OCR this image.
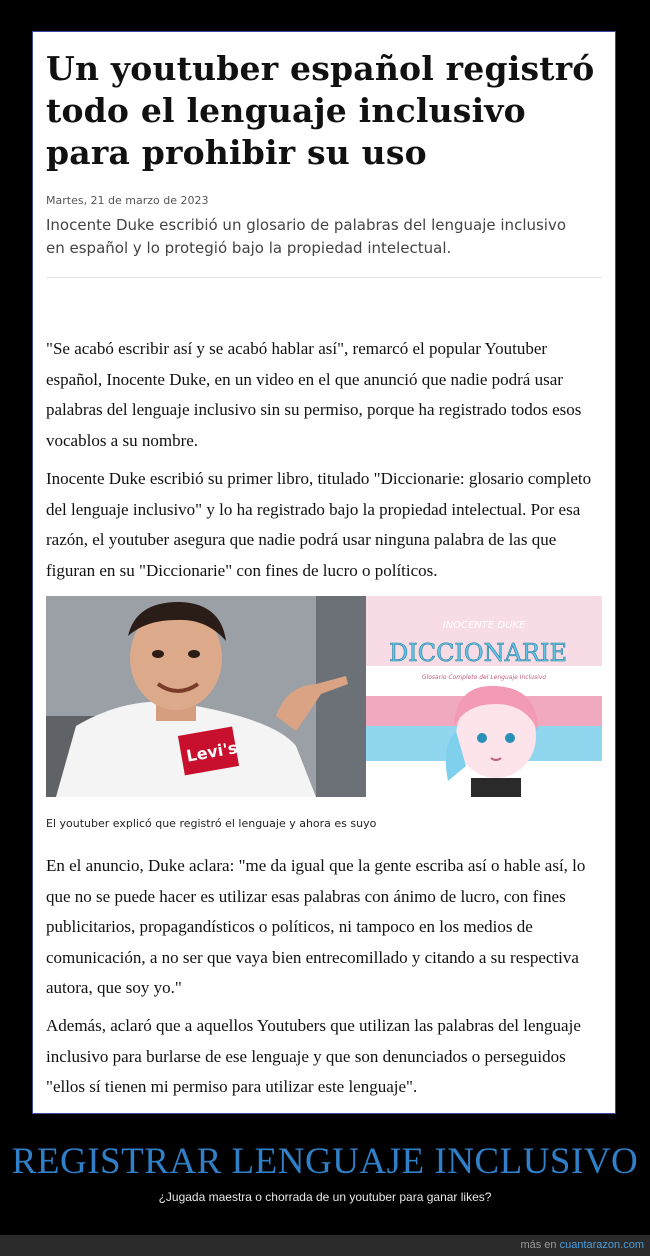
Un youtuber español registró todo el lenguaje inclusivo para prohibir su uso
Martes, 21 de marzo de 2023
Inocente Duke escribió un glosario de palabras del lenguaje inclusivo en español y lo protegió bajo la propiedad intelectual.

"Se acabó escribir así y se acabó hablar así", remarcó el popular Youtuber español, Inocente Duke, en un video en el que anunció que nadie podrá usar palabras del lenguaje inclusivo sin su permiso, porque ha registrado todos esos vocablos a su nombre.

Inocente Duke escribió su primer libro, titulado "Diccionarie: glosario completo del lenguaje inclusivo" y lo ha registrado bajo la propiedad intelectual. Por esa razón, el youtuber asegura que nadie podrá usar ninguna palabra de las que figuran en su "Diccionarie" con fines de lucro o políticos.

Levi's
INOCENTE DUKE
DICCIONARIE
Glosario Completo del Lenguaje Inclusivo
El youtuber explicó que registró el lenguaje y ahora es suyo

En el anuncio, Duke aclara: "me da igual que la gente escriba así o hable así, lo que no se puede hacer es utilizar esas palabras con ánimo de lucro, con fines publicitarios, propagandísticos o políticos, ni tampoco en los medios de comunicación, a no ser que vaya bien entrecomillado y citando a su respectiva autora, que soy yo."

Además, aclaró que a aquellos Youtubers que utilizan las palabras del lenguaje inclusivo para burlarse de ese lenguaje y que son denunciados o perseguidos "ellos sí tienen mi permiso para utilizar este lenguaje".

REGISTRAR LENGUAJE INCLUSIVO
¿Jugada maestra o chorrada de un youtuber para ganar likes?
más en cuantarazon.com
